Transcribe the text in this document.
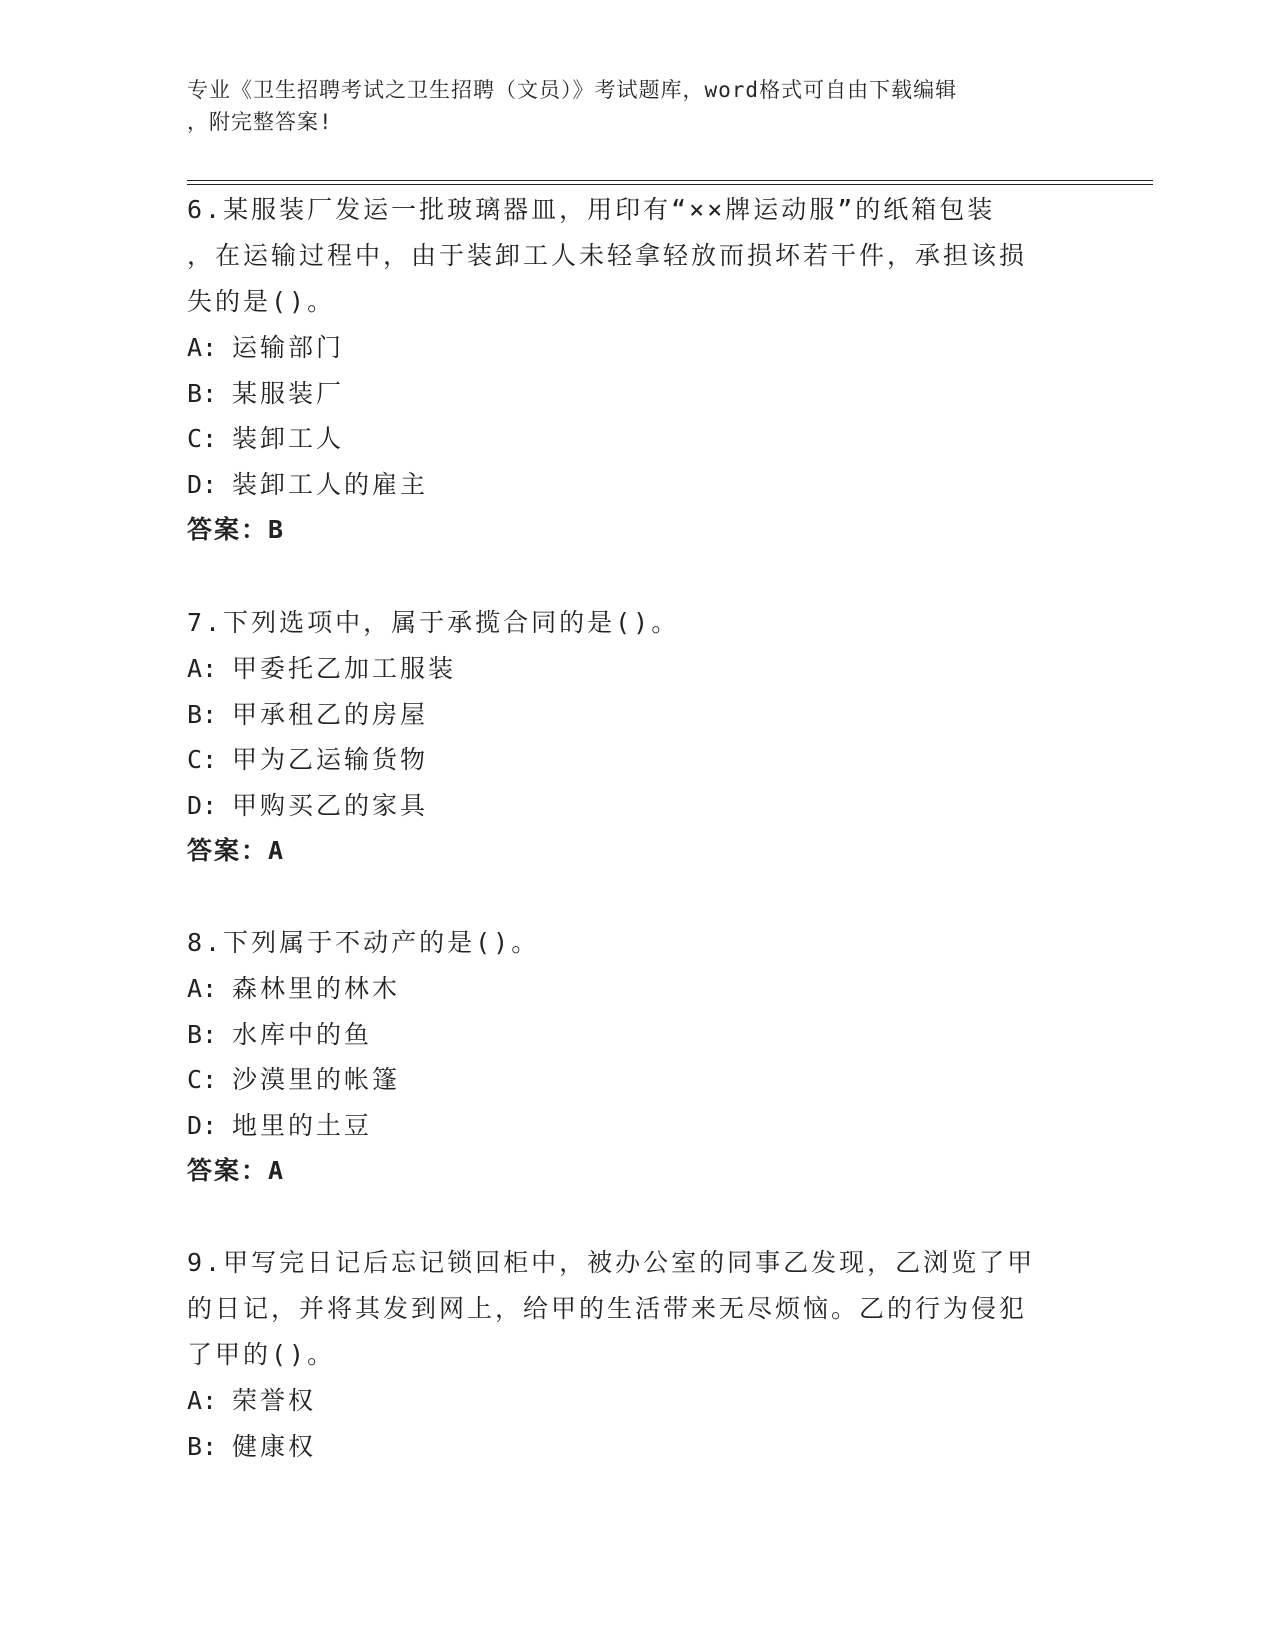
专业《卫生招聘考试之卫生招聘（文员）》考试题库，word格式可自由下载编辑
，附完整答案!
6.某服装厂发运一批玻璃器皿，用印有“××牌运动服”的纸箱包装
，在运输过程中，由于装卸工人未轻拿轻放而损坏若干件，承担该损
失的是()。
A: 运输部门
B: 某服装厂
C: 装卸工人
D: 装卸工人的雇主
答案：B
7.下列选项中，属于承揽合同的是()。
A: 甲委托乙加工服装
B: 甲承租乙的房屋
C: 甲为乙运输货物
D: 甲购买乙的家具
答案：A
8.下列属于不动产的是()。
A: 森林里的林木
B: 水库中的鱼
C: 沙漠里的帐篷
D: 地里的土豆
答案：A
9.甲写完日记后忘记锁回柜中，被办公室的同事乙发现，乙浏览了甲
的日记，并将其发到网上，给甲的生活带来无尽烦恼。乙的行为侵犯
了甲的()。
A: 荣誉权
B: 健康权
